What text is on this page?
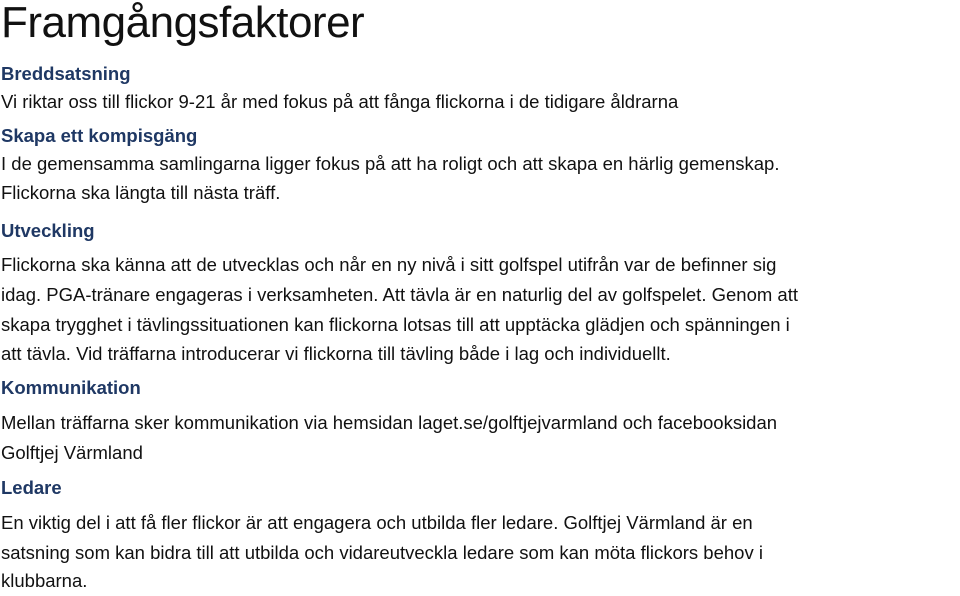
Framgångsfaktorer
Breddsatsning

Vi riktar oss till flickor 9-21 år med fokus på att fånga flickorna i de tidigare åldrarna

Skapa ett kompisgäng

I de gemensamma samlingarna ligger fokus på att ha roligt och att skapa en härlig gemenskap.

Flickorna ska längta till nästa träff.

Utveckling

Flickorna ska känna att de utvecklas och når en ny nivå i sitt golfspel utifrån var de befinner sig

idag. PGA-tränare engageras i verksamheten. Att tävla är en naturlig del av golfspelet. Genom att

skapa trygghet i tävlingssituationen kan flickorna lotsas till att upptäcka glädjen och spänningen i

att tävla. Vid träffarna introducerar vi flickorna till tävling både i lag och individuellt.

Kommunikation

Mellan träffarna sker kommunikation via hemsidan laget.se/golftjejvarmland och facebooksidan

Golftjej Värmland

Ledare

En viktig del i att få fler flickor är att engagera och utbilda fler ledare. Golftjej Värmland är en

satsning som kan bidra till att utbilda och vidareutveckla ledare som kan möta flickors behov i

klubbarna.
